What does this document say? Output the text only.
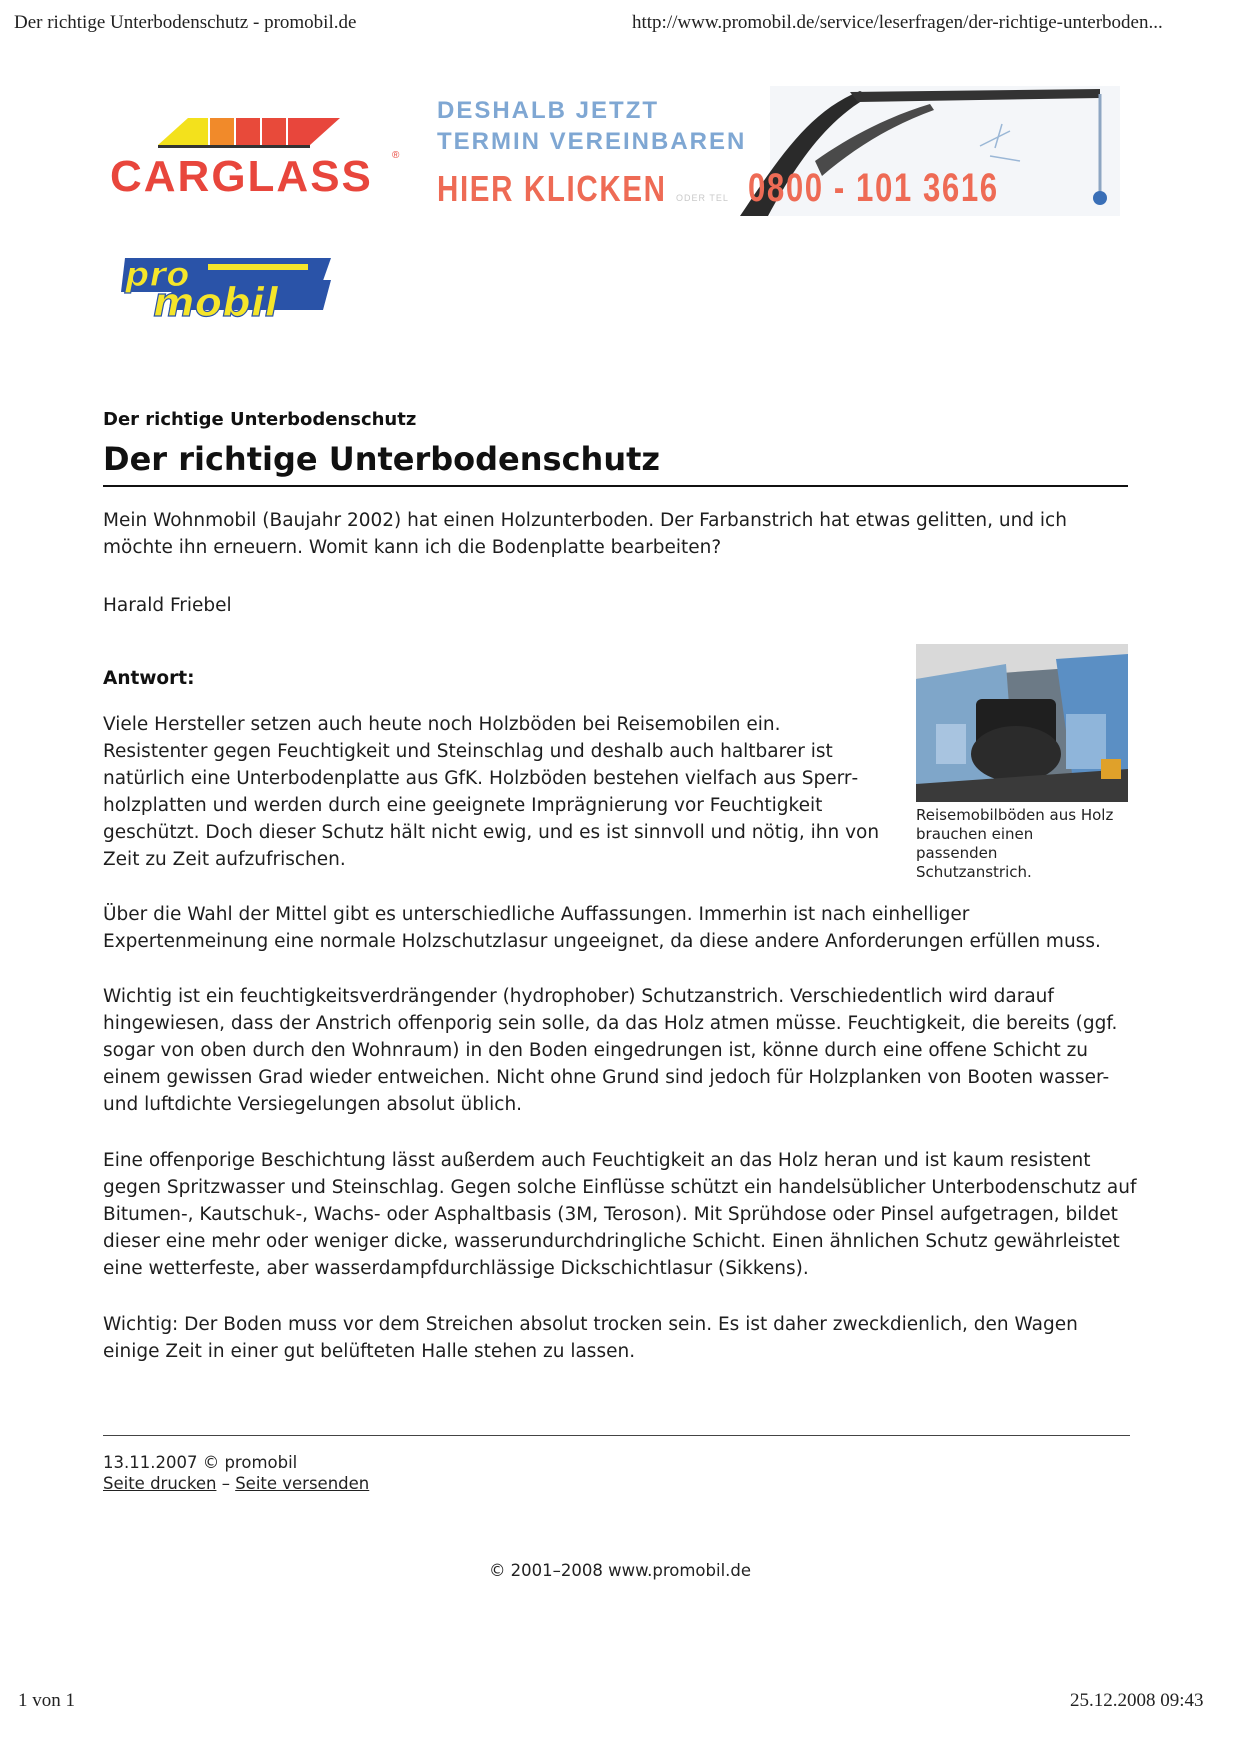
Der richtige Unterbodenschutz - promobil.de	http://www.promobil.de/service/leserfragen/der-richtige-unterboden...
CARGLASS ®
DESHALB JETZT
TERMIN VEREINBAREN
HIER KLICKEN ODER TEL 0800 - 101 3616
pro
mobil
Der richtige Unterbodenschutz
Der richtige Unterbodenschutz
Mein Wohnmobil (Baujahr 2002) hat einen Holzunterboden. Der Farbanstrich hat etwas gelitten, und ich möchte ihn erneuern. Womit kann ich die Bodenplatte bearbeiten?
Harald Friebel
Antwort:
Viele Hersteller setzen auch heute noch Holzböden bei Reisemobilen ein. Resistenter gegen Feuchtigkeit und Steinschlag und deshalb auch haltbarer ist natürlich eine Unterbodenplatte aus GfK. Holzböden bestehen vielfach aus Sperrholzplatten und werden durch eine geeignete Imprägnierung vor Feuchtigkeit geschützt. Doch dieser Schutz hält nicht ewig, und es ist sinnvoll und nötig, ihn von Zeit zu Zeit aufzufrischen.
Reisemobilböden aus Holz brauchen einen passenden Schutzanstrich.
Über die Wahl der Mittel gibt es unterschiedliche Auffassungen. Immerhin ist nach einhelliger Expertenmeinung eine normale Holzschutzlasur ungeeignet, da diese andere Anforderungen erfüllen muss.
Wichtig ist ein feuchtigkeitsverdrängender (hydrophober) Schutzanstrich. Verschiedentlich wird darauf hingewiesen, dass der Anstrich offenporig sein solle, da das Holz atmen müsse. Feuchtigkeit, die bereits (ggf. sogar von oben durch den Wohnraum) in den Boden eingedrungen ist, könne durch eine offene Schicht zu einem gewissen Grad wieder entweichen. Nicht ohne Grund sind jedoch für Holzplanken von Booten wasser- und luftdichte Versiegelungen absolut üblich.
Eine offenporige Beschichtung lässt außerdem auch Feuchtigkeit an das Holz heran und ist kaum resistent gegen Spritzwasser und Steinschlag. Gegen solche Einflüsse schützt ein handelsüblicher Unterbodenschutz auf Bitumen-, Kautschuk-, Wachs- oder Asphaltbasis (3M, Teroson). Mit Sprühdose oder Pinsel aufgetragen, bildet dieser eine mehr oder weniger dicke, wasserundurchdringliche Schicht. Einen ähnlichen Schutz gewährleistet eine wetterfeste, aber wasserdampfdurchlässige Dickschichtlasur (Sikkens).
Wichtig: Der Boden muss vor dem Streichen absolut trocken sein. Es ist daher zweckdienlich, den Wagen einige Zeit in einer gut belüfteten Halle stehen zu lassen.
13.11.2007 © promobil
Seite drucken – Seite versenden
© 2001–2008 www.promobil.de
1 von 1	25.12.2008 09:43
